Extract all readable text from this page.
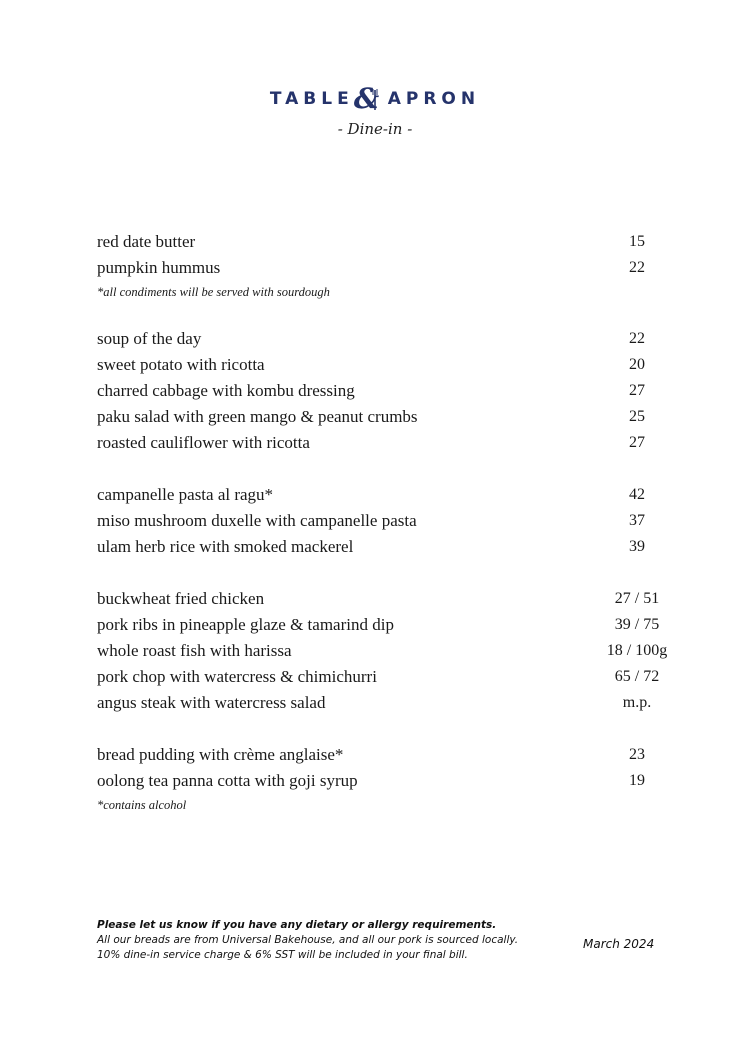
TABLE & APRON
- Dine-in -
red date butter	15
pumpkin hummus	22
*all condiments will be served with sourdough
soup of the day	22
sweet potato with ricotta	20
charred cabbage with kombu dressing	27
paku salad with green mango & peanut crumbs	25
roasted cauliflower with ricotta	27
campanelle pasta al ragu*	42
miso mushroom duxelle with campanelle pasta	37
ulam herb rice with smoked mackerel	39
buckwheat fried chicken	27 / 51
pork ribs in pineapple glaze & tamarind dip	39 / 75
whole roast fish with harissa	18 / 100g
pork chop with watercress & chimichurri	65 / 72
angus steak with watercress salad	m.p.
bread pudding with crème anglaise*	23
oolong tea panna cotta with goji syrup	19
*contains alcohol
Please let us know if you have any dietary or allergy requirements.
All our breads are from Universal Bakehouse, and all our pork is sourced locally.
10% dine-in service charge & 6% SST will be included in your final bill.
March 2024
